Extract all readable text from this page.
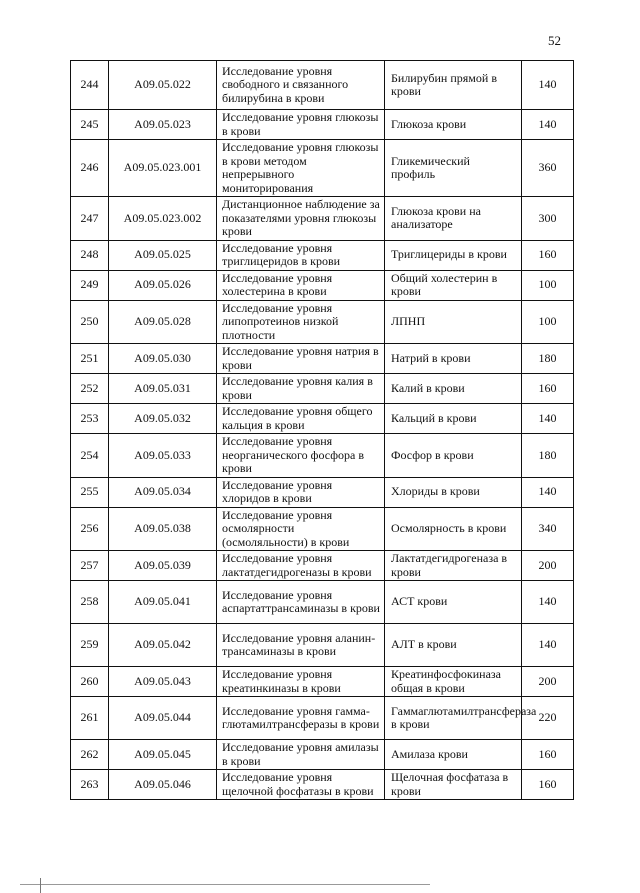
52
244	A09.05.022	Исследование уровня свободного и связанного билирубина в крови	Билирубин прямой в крови	140
245	A09.05.023	Исследование уровня глюкозы в крови	Глюкоза крови	140
246	A09.05.023.001	Исследование уровня глюкозы в крови методом непрерывного мониторирования	Гликемический профиль	360
247	A09.05.023.002	Дистанционное наблюдение за показателями уровня глюкозы крови	Глюкоза крови на анализаторе	300
248	A09.05.025	Исследование уровня триглицеридов в крови	Триглицериды в крови	160
249	A09.05.026	Исследование уровня холестерина в крови	Общий холестерин в крови	100
250	A09.05.028	Исследование уровня липопротеинов низкой плотности	ЛПНП	100
251	A09.05.030	Исследование уровня натрия в крови	Натрий в крови	180
252	A09.05.031	Исследование уровня калия в крови	Калий в крови	160
253	A09.05.032	Исследование уровня общего кальция в крови	Кальций в крови	140
254	A09.05.033	Исследование уровня неорганического фосфора в крови	Фосфор в крови	180
255	A09.05.034	Исследование уровня хлоридов в крови	Хлориды в крови	140
256	A09.05.038	Исследование уровня осмолярности (осмоляльности) в крови	Осмолярность в крови	340
257	A09.05.039	Исследование уровня лактатдегидрогеназы в крови	Лактатдегидрогеназа в крови	200
258	A09.05.041	Исследование уровня аспартаттрансаминазы в крови	АСТ крови	140
259	A09.05.042	Исследование уровня аланин-трансаминазы в крови	АЛТ в крови	140
260	A09.05.043	Исследование уровня креатинкиназы в крови	Креатинфосфокиназа общая в крови	200
261	A09.05.044	Исследование уровня гамма-глютамилтрансферазы в крови	Гаммаглютамилтрансфераза в крови	220
262	A09.05.045	Исследование уровня амилазы в крови	Амилаза крови	160
263	A09.05.046	Исследование уровня щелочной фосфатазы в крови	Щелочная фосфатаза в крови	160
